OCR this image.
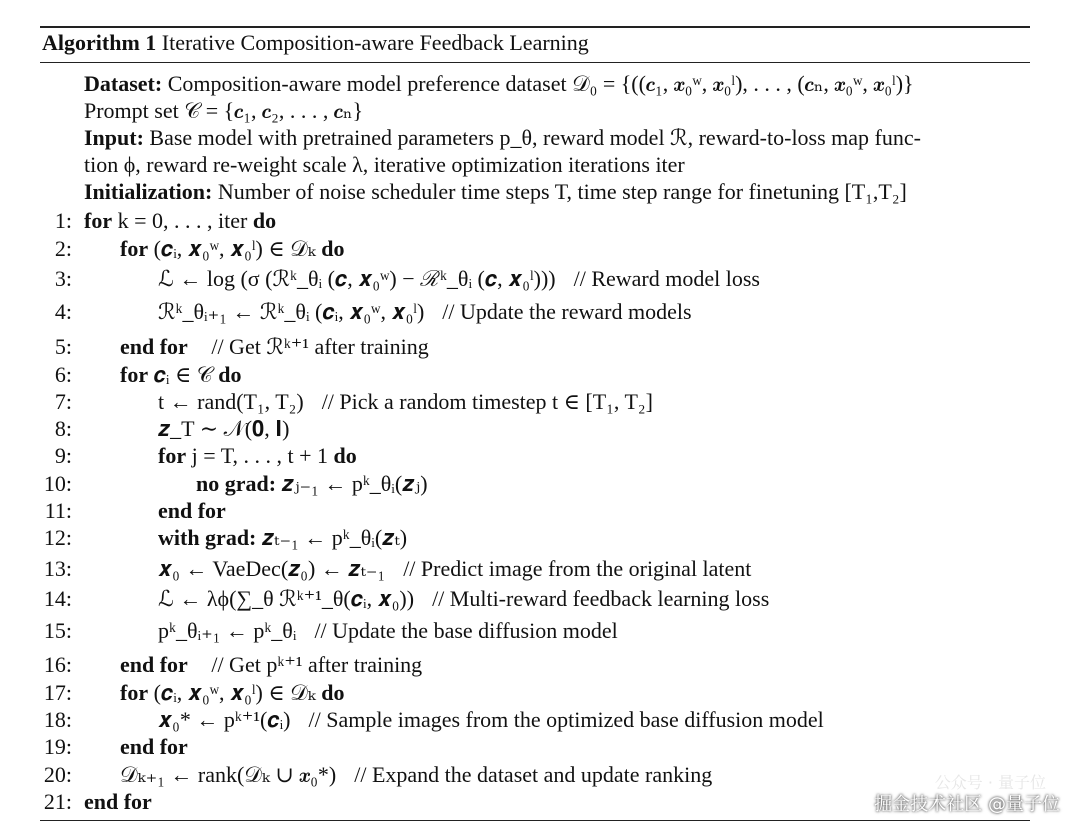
Algorithm 1 Iterative Composition-aware Feedback Learning
Dataset: Composition-aware model preference dataset 𝒟₀ = {((𝒄₁, 𝒙₀ʷ, 𝒙₀ˡ), . . . , (𝒄ₙ, 𝒙₀ʷ, 𝒙₀ˡ)}
Prompt set 𝒞 = {𝒄₁, 𝒄₂, . . . , 𝒄ₙ}
Input: Base model with pretrained parameters p_θ, reward model ℛ, reward-to-loss map func-
tion ϕ, reward re-weight scale λ, iterative optimization iterations iter
Initialization: Number of noise scheduler time steps T, time step range for finetuning [T₁,T₂]
1: for k = 0, . . . , iter do
2: for (𝒄ᵢ, 𝒙₀ʷ, 𝒙₀ˡ) ∈ 𝒟ₖ do
3:	ℒ ← log (σ (ℛᵏ_θᵢ (𝒄, 𝒙₀ʷ) − ℛᵏ_θᵢ (𝒄, 𝒙₀ˡ))) // Reward model loss
4:	ℛᵏ_θᵢ₊₁ ← ℛᵏ_θᵢ (𝒄ᵢ, 𝒙₀ʷ, 𝒙₀ˡ) // Update the reward models
5: end for // Get ℛᵏ⁺¹ after training
6: for 𝒄ᵢ ∈ 𝒞 do
7:	t ← rand(T₁, T₂) // Pick a random timestep t ∈ [T₁, T₂]
8:	𝒛_T ∼ 𝒩(𝟎, 𝐈)
9:	for j = T, . . . , t + 1 do
10:	no grad: 𝒛ⱼ₋₁ ← pᵏ_θᵢ(𝒛ⱼ)
11:	end for
12:	with grad: 𝒛ₜ₋₁ ← pᵏ_θᵢ(𝒛ₜ)
13:	𝒙₀ ← VaeDec(𝒛₀) ← 𝒛ₜ₋₁ // Predict image from the original latent
14:	ℒ ← λϕ(∑_θ ℛᵏ⁺¹_θ(𝒄ᵢ, 𝒙₀)) // Multi-reward feedback learning loss
15:	pᵏ_θᵢ₊₁ ← pᵏ_θᵢ // Update the base diffusion model
16: end for // Get pᵏ⁺¹ after training
17: for (𝒄ᵢ, 𝒙₀ʷ, 𝒙₀ˡ) ∈ 𝒟ₖ do
18:	𝒙₀* ← pᵏ⁺¹(𝒄ᵢ) // Sample images from the optimized base diffusion model
19: end for
20: 𝒟ₖ₊₁ ← rank(𝒟ₖ ∪ 𝒙₀*) // Expand the dataset and update ranking
21: end for
公众号 · 量子位
掘金技术社区 @量子位
